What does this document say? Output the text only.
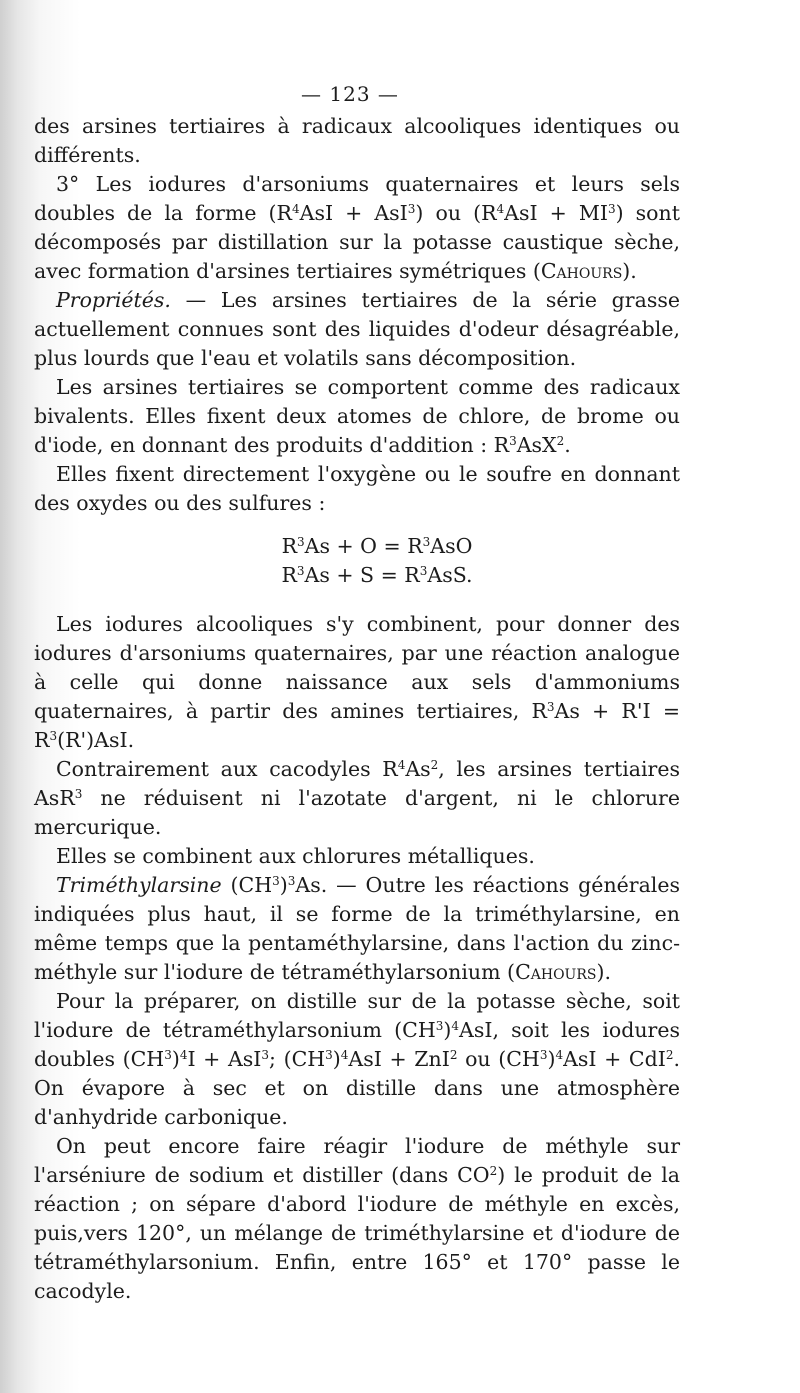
— 123 —

des arsines tertiaires à radicaux alcooliques identiques ou différents.

3° Les iodures d'arsoniums quaternaires et leurs sels doubles de la forme $(R^4AsI + AsI^3)$ ou $(R^4AsI + MI^3)$ sont décomposés par distillation sur la potasse caustique sèche, avec formation d'arsines tertiaires symétriques (Cahours).

Propriétés. — Les arsines tertiaires de la série grasse actuellement connues sont des liquides d'odeur désagréable, plus lourds que l'eau et volatils sans décomposition.

Les arsines tertiaires se comportent comme des radicaux bivalents. Elles fixent deux atomes de chlore, de brome ou d'iode, en donnant des produits d'addition : $R^3AsX^2$.

Elles fixent directement l'oxygène ou le soufre en donnant des oxydes ou des sulfures :

$R^3As + O = R^3AsO$

$R^3As + S = R^3AsS$.

Les iodures alcooliques s'y combinent, pour donner des iodures d'arsoniums quaternaires, par une réaction analogue à celle qui donne naissance aux sels d'ammoniums quaternaires, à partir des amines tertiaires, $R^3As + R'I = R^3(R')AsI$.

Contrairement aux cacodyles $R^4As^2$, les arsines tertiaires AsR$^3$ ne réduisent ni l'azotate d'argent, ni le chlorure mercurique.

Elles se combinent aux chlorures métalliques.

Triméthylarsine $(CH^3)^3As$. — Outre les réactions générales indiquées plus haut, il se forme de la triméthylarsine, en même temps que la pentaméthylarsine, dans l'action du zinc-méthyle sur l'iodure de tétraméthylarsonium (Cahours).

Pour la préparer, on distille sur de la potasse sèche, soit l'iodure de tétraméthylarsonium $(CH^3)^4AsI$, soit les iodures doubles $(CH^3)^4I + AsI^3$; $(CH^3)^4AsI + ZnI^2$ ou $(CH^3)^4AsI + CdI^2$. On évapore à sec et on distille dans une atmosphère d'anhydride carbonique.

On peut encore faire réagir l'iodure de méthyle sur l'arséniure de sodium et distiller (dans $CO^2$) le produit de la réaction ; on sépare d'abord l'iodure de méthyle en excès, puis,vers 120°, un mélange de triméthylarsine et d'iodure de tétraméthylarsonium. Enfin, entre 165° et 170° passe le cacodyle.
